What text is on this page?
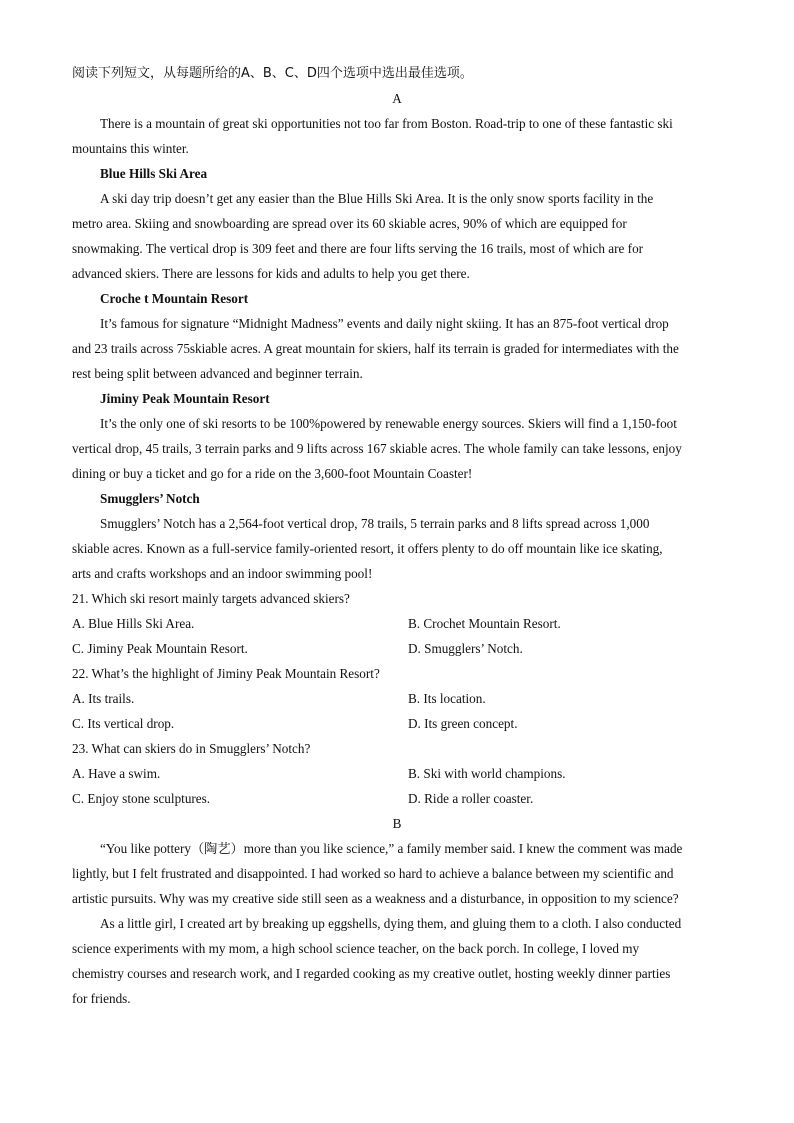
阅读下列短文，从每题所给的A、B、C、D四个选项中选出最佳选项。
A
There is a mountain of great ski opportunities not too far from Boston. Road-trip to one of these fantastic ski
mountains this winter.
Blue Hills Ski Area
A ski day trip doesn’t get any easier than the Blue Hills Ski Area. It is the only snow sports facility in the
metro area. Skiing and snowboarding are spread over its 60 skiable acres, 90% of which are equipped for
snowmaking. The vertical drop is 309 feet and there are four lifts serving the 16 trails, most of which are for
advanced skiers. There are lessons for kids and adults to help you get there.
Croche t Mountain Resort
It’s famous for signature “Midnight Madness” events and daily night skiing. It has an 875-foot vertical drop
and 23 trails across 75skiable acres. A great mountain for skiers, half its terrain is graded for intermediates with the
rest being split between advanced and beginner terrain.
Jiminy Peak Mountain Resort
It’s the only one of ski resorts to be 100%powered by renewable energy sources. Skiers will find a 1,150-foot
vertical drop, 45 trails, 3 terrain parks and 9 lifts across 167 skiable acres. The whole family can take lessons, enjoy
dining or buy a ticket and go for a ride on the 3,600-foot Mountain Coaster!
Smugglers’ Notch
Smugglers’ Notch has a 2,564-foot vertical drop, 78 trails, 5 terrain parks and 8 lifts spread across 1,000
skiable acres. Known as a full-service family-oriented resort, it offers plenty to do off mountain like ice skating,
arts and crafts workshops and an indoor swimming pool!
21. Which ski resort mainly targets advanced skiers?
A. Blue Hills Ski Area.	B. Crochet Mountain Resort.
C. Jiminy Peak Mountain Resort.	D. Smugglers’ Notch.
22. What’s the highlight of Jiminy Peak Mountain Resort?
A. Its trails.	B. Its location.
C. Its vertical drop.	D. Its green concept.
23. What can skiers do in Smugglers’ Notch?
A. Have a swim.	B. Ski with world champions.
C. Enjoy stone sculptures.	D. Ride a roller coaster.
B
“You like pottery（陶艺）more than you like science,” a family member said. I knew the comment was made
lightly, but I felt frustrated and disappointed. I had worked so hard to achieve a balance between my scientific and
artistic pursuits. Why was my creative side still seen as a weakness and a disturbance, in opposition to my science?
As a little girl, I created art by breaking up eggshells, dying them, and gluing them to a cloth. I also conducted
science experiments with my mom, a high school science teacher, on the back porch. In college, I loved my
chemistry courses and research work, and I regarded cooking as my creative outlet, hosting weekly dinner parties
for friends.
